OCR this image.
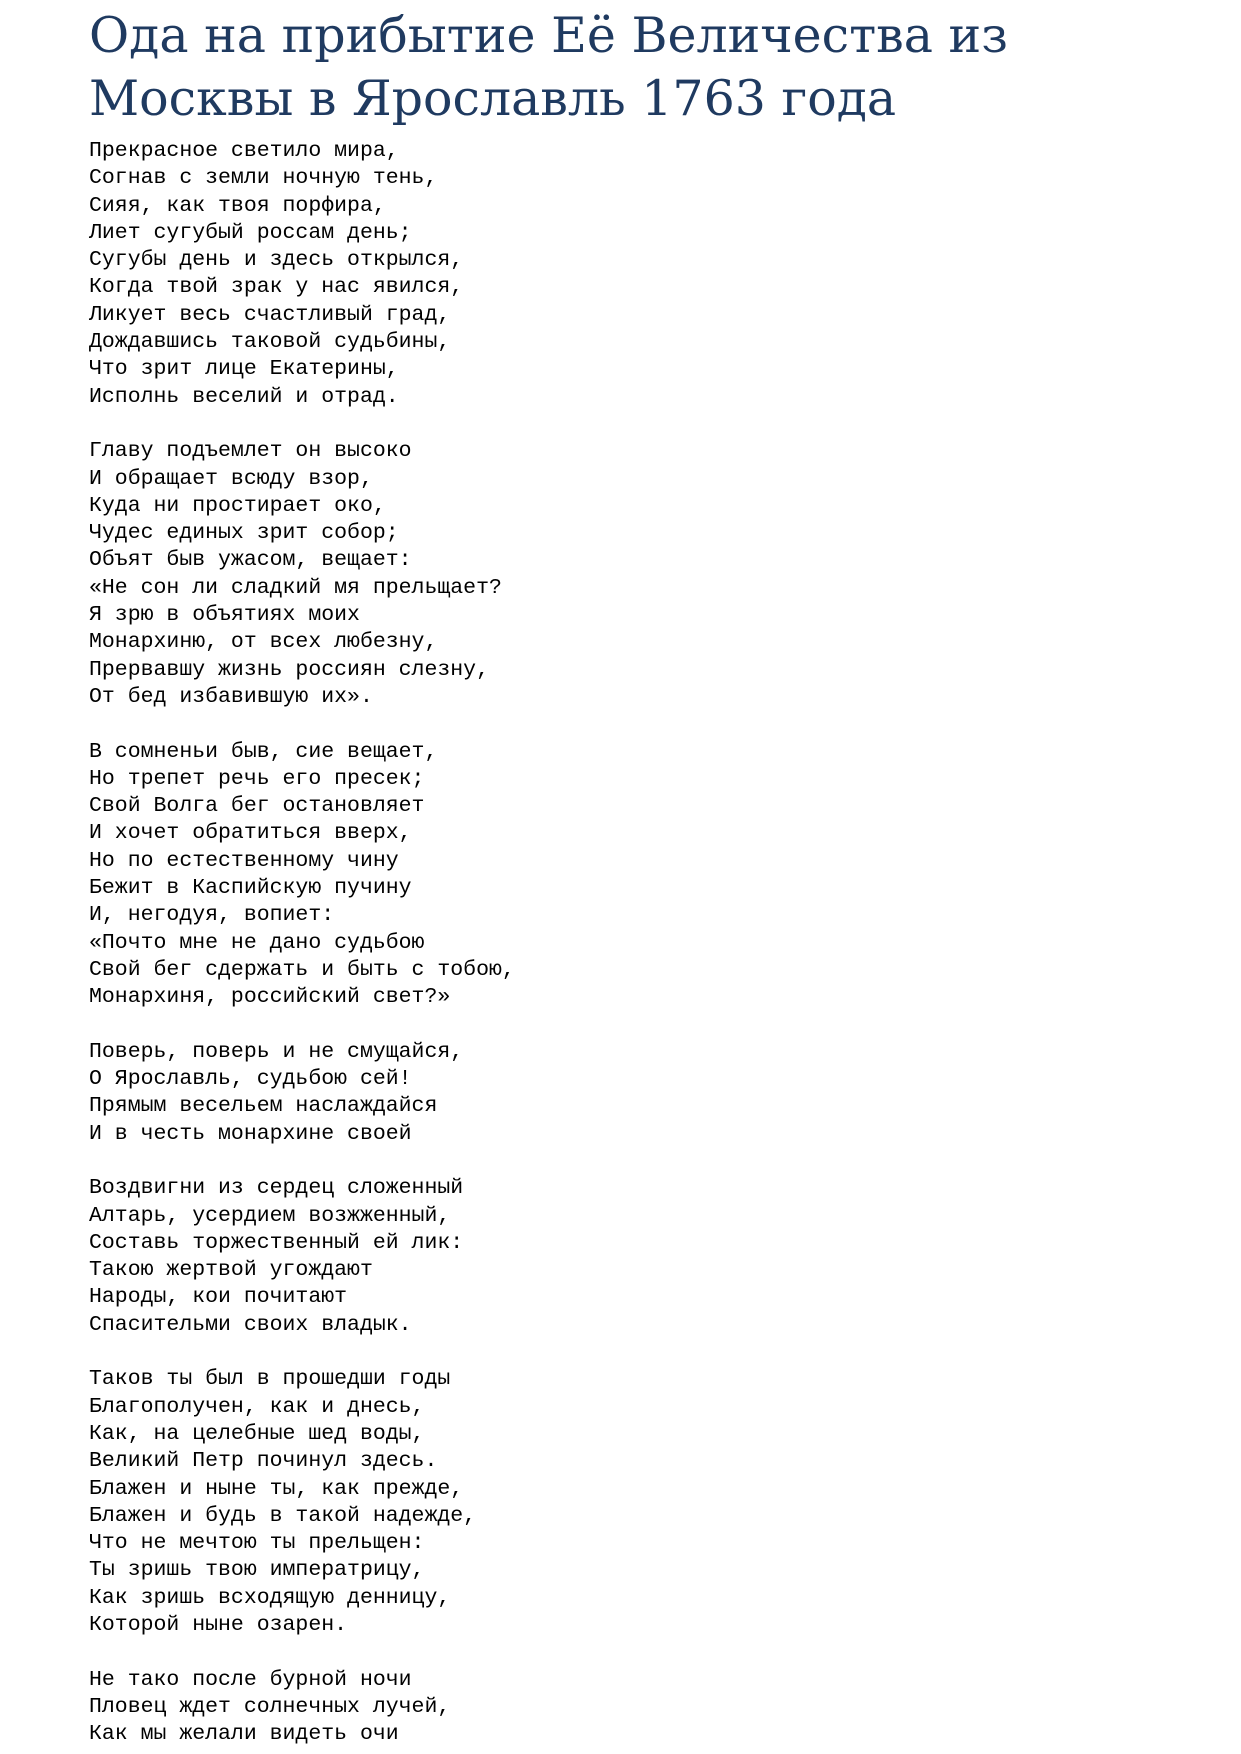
Ода на прибытие Её Величества из
Москвы в Ярославль 1763 года
Прекрасное светило мира,
Согнав с земли ночную тень,
Сияя, как твоя порфира,
Лиет сугубый россам день;
Сугубы день и здесь открылся,
Когда твой зрак у нас явился,
Ликует весь счастливый град,
Дождавшись таковой судьбины,
Что зрит лице Екатерины,
Исполнь веселий и отрад.
Главу подъемлет он высоко
И обращает всюду взор,
Куда ни простирает око,
Чудес единых зрит собор;
Объят быв ужасом, вещает:
«Не сон ли сладкий мя прельщает?
Я зрю в объятиях моих
Монархиню, от всех любезну,
Прервавшу жизнь россиян слезну,
От бед избавившую их».
В сомненьи быв, сие вещает,
Но трепет речь его пресек;
Свой Волга бег остановляет
И хочет обратиться вверх,
Но по естественному чину
Бежит в Каспийскую пучину
И, негодуя, вопиет:
«Почто мне не дано судьбою
Свой бег сдержать и быть с тобою,
Монархиня, российский свет?»
Поверь, поверь и не смущайся,
О Ярославль, судьбою сей!
Прямым весельем наслаждайся
И в честь монархине своей
Воздвигни из сердец сложенный
Алтарь, усердием возжженный,
Составь торжественный ей лик:
Такою жертвой угождают
Народы, кои почитают
Спасительми своих владык.
Таков ты был в прошедши годы
Благополучен, как и днесь,
Как, на целебные шед воды,
Великий Петр починул здесь.
Блажен и ныне ты, как прежде,
Блажен и будь в такой надежде,
Что не мечтою ты прельщен:
Ты зришь твою императрицу,
Как зришь всходящую денницу,
Которой ныне озарен.
Не тако после бурной ночи
Пловец ждет солнечных лучей,
Как мы желали видеть очи
